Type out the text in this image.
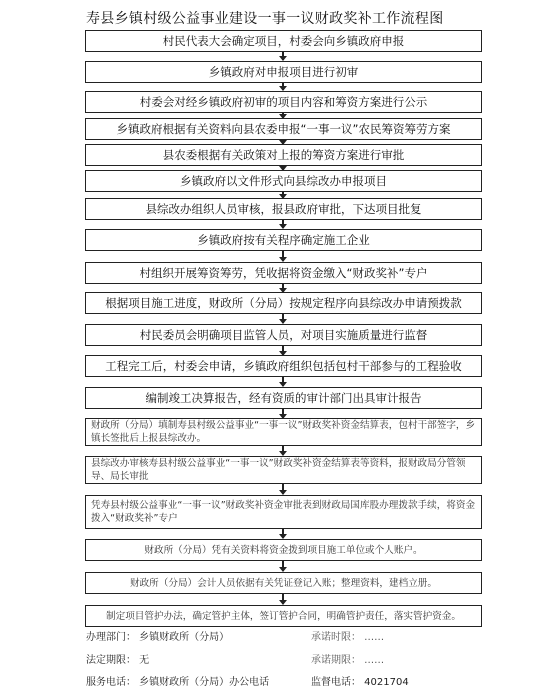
寿县乡镇村级公益事业建设一事一议财政奖补工作流程图
村民代表大会确定项目，村委会向乡镇政府申报
乡镇政府对申报项目进行初审
村委会对经乡镇政府初审的项目内容和筹资方案进行公示
乡镇政府根据有关资料向县农委申报“一事一议”农民筹资筹劳方案
县农委根据有关政策对上报的筹资方案进行审批
乡镇政府以文件形式向县综改办申报项目
县综改办组织人员审核，报县政府审批，下达项目批复
乡镇政府按有关程序确定施工企业
村组织开展筹资筹劳，凭收据将资金缴入“财政奖补”专户
根据项目施工进度，财政所（分局）按规定程序向县综改办申请预拨款
村民委员会明确项目监管人员，对项目实施质量进行监督
工程完工后，村委会申请，乡镇政府组织包括包村干部参与的工程验收
编制竣工决算报告，经有资质的审计部门出具审计报告
财政所（分局）填制寿县村级公益事业“一事一议”财政奖补资金结算表，包村干部签字，乡镇长签批后上报县综改办。
县综改办审核寿县村级公益事业“一事一议”财政奖补资金结算表等资料，报财政局分管领导、局长审批
凭寿县村级公益事业“一事一议”财政奖补资金审批表到财政局国库股办理拨款手续，将资金拨入“财政奖补”专户
财政所（分局）凭有关资料将资金拨到项目施工单位或个人账户。
财政所（分局）会计人员依据有关凭证登记入账；整理资料，建档立册。
制定项目管护办法，确定管护主体，签订管护合同，明确管护责任，落实管护资金。
办理部门： 乡镇财政所（分局）
法定期限： 无
服务电话： 乡镇财政所（分局）办公电话
承诺时限： ……
承诺期限： ……
监督电话： 4021704
